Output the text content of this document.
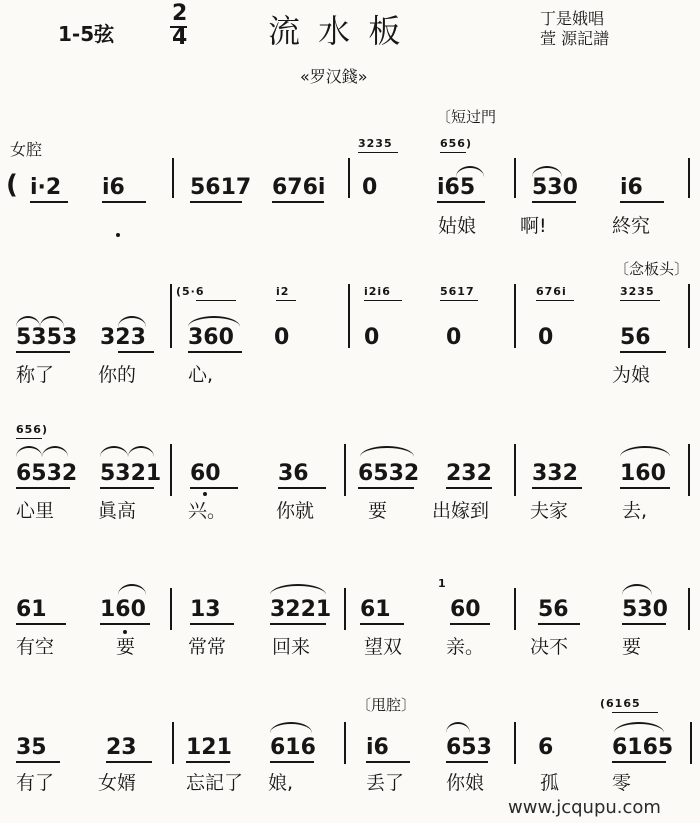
1-5弦
2
4	流 水 板	丁是娥唱
萱 源記譜
«罗汉錢»
女腔
〔短过門
3235	656)
( i·2 i6	5617 676i 0	i65	530 i6
姑娘 啊!	終究
〔念板头〕
(5·6	i2	i2i6	5617	676i	3235
5353 323 360 0	0	0	0	56
称了 你的	心,	为娘
656)
6532 5321 60	36 6532 232 332 160
心里 眞高	兴。	你就	要 出嫁到 夫家	去,
61 160 13 3221 61
1
60	56 530
有空	要	常常 回来	望双 亲。 决不	要
〔甩腔〕	(6165
35	23 121 616 i6	653 6	6165
有了 女婿	忘記了 娘,	丢了 你娘	孤	零
www.jcqupu.com
